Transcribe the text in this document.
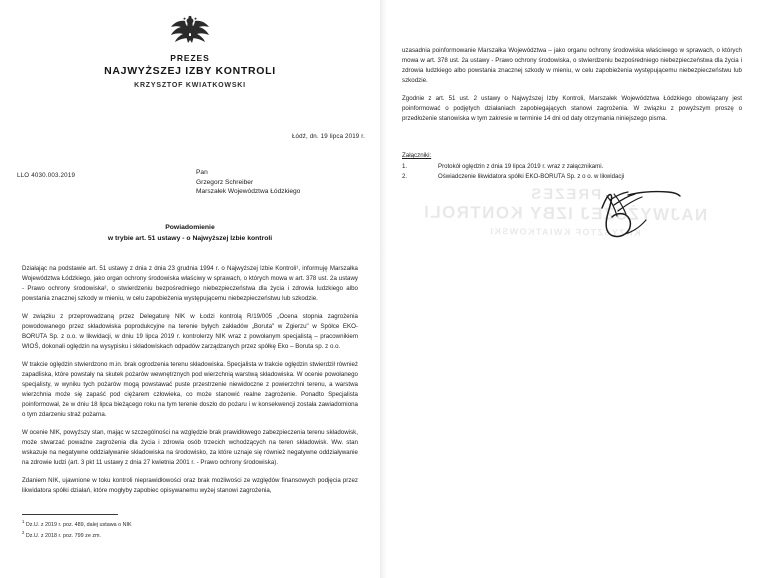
PREZES
NAJWYŻSZEJ IZBY KONTROLI
KRZYSZTOF KWIATKOWSKI
Łódź, dn. 19 lipca 2019 r.
LLO 4030.003.2019	Pan
Grzegorz Schreiber
Marszałek Województwa Łódzkiego
Powiadomienie
w trybie art. 51 ustawy - o Najwyższej Izbie kontroli

Działając na podstawie art. 51 ustawy z dnia z dnia 23 grudnia 1994 r. o Najwyższej Izbie Kontroli¹, informuję Marszałka Województwa Łódzkiego, jako organ ochrony środowiska właściwy w sprawach, o których mowa w art. 378 ust. 2a ustawy - Prawo ochrony środowiska², o stwierdzeniu bezpośredniego niebezpieczeństwa dla życia i zdrowia ludzkiego albo powstania znacznej szkody w mieniu, w celu zapobieżenia występującemu niebezpieczeństwu lub szkodzie.

W związku z przeprowadzaną przez Delegaturę NIK w Łodzi kontrolą R/19/005 „Ocena stopnia zagrożenia powodowanego przez składowiska poprodukcyjne na terenie byłych zakładów „Boruta" w Zgierzu" w Spółce EKO-BORUTA Sp. z o.o. w likwidacji, w dniu 19 lipca 2019 r. kontrolerzy NIK wraz z powołanym specjalistą – pracownikiem WIOŚ, dokonali oględzin na wysypisku i składowiskach odpadów zarządzanych przez spółkę Eko – Boruta sp. z o.o.

W trakcie oględzin stwierdzono m.in. brak ogrodzenia terenu składowiska. Specjalista w trakcie oględzin stwierdził również zapadliska, które powstały na skutek pożarów wewnętrznych pod wierzchnią warstwą składowiska. W ocenie powołanego specjalisty, w wyniku tych pożarów mogą powstawać puste przestrzenie niewidoczne z powierzchni terenu, a warstwa wierzchnia może się zapaść pod ciężarem człowieka, co może stanowić realne zagrożenie. Ponadto Specjalista poinformował, że w dniu 18 lipca bieżącego roku na tym terenie doszło do pożaru i w konsekwencji została zawiadomiona o tym zdarzeniu straż pożarna.

W ocenie NIK, powyższy stan, mając w szczególności na względzie brak prawidłowego zabezpieczenia terenu składowisk, może stwarzać poważne zagrożenia dla życia i zdrowia osób trzecich wchodzących na teren składowisk. Ww. stan wskazuje na negatywne oddziaływanie składowiska na środowisko, za które uznaje się również negatywne oddziaływanie na zdrowie ludzi (art. 3 pkt 11 ustawy z dnia 27 kwietnia 2001 r. - Prawo ochrony środowiska).

Zdaniem NIK, ujawnione w toku kontroli nieprawidłowości oraz brak możliwości ze względów finansowych podjęcia przez likwidatora spółki działań, które mogłyby zapobiec opisywanemu wyżej stanowi zagrożenia,

$^1$Dz.U. z 2019 r. poz. 489, dalej ustawa o NIK
$^2$Dz.U. z 2018 r. poz. 799 ze zm.

uzasadnia poinformowanie Marszałka Województwa – jako organu ochrony środowiska właściwego w sprawach, o których mowa w art. 378 ust. 2a ustawy - Prawo ochrony środowiska, o stwierdzeniu bezpośredniego niebezpieczeństwa dla życia i zdrowia ludzkiego albo powstania znacznej szkody w mieniu, w celu zapobieżenia występującemu niebezpieczeństwu lub szkodzie.

Zgodnie z art. 51 ust. 2 ustawy o Najwyższej Izby Kontroli, Marszałek Województwa Łódzkiego obowiązany jest poinformować o podjętych działaniach zapobiegających stanowi zagrożenia. W związku z powyższym proszę o przedłożenie stanowiska w tym zakresie w terminie 14 dni od daty otrzymania niniejszego pisma.

Załączniki:
1.	Protokół oględzin z dnia 19 lipca 2019 r. wraz z załącznikami.
2.	Oświadczenie likwidatora spółki EKO-BORUTA Sp. z o o. w likwidacji
